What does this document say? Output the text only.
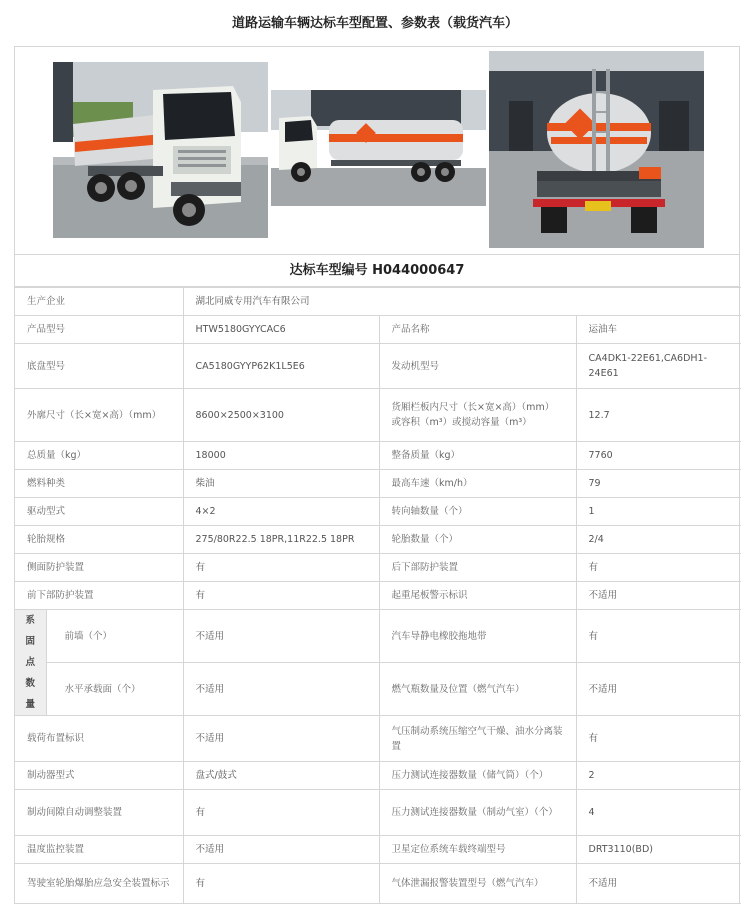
道路运输车辆达标车型配置、参数表（载货汽车）
达标车型编号 H044000647
生产企业		湖北同威专用汽车有限公司		
产品型号		HTW5180GYYCAC6	产品名称	运油车
底盘型号		CA5180GYYP62K1L5E6	发动机型号	CA4DK1-22E61,CA6DH1-24E61
外廓尺寸（长×宽×高）（mm）		8600×2500×3100	货厢栏板内尺寸（长×宽×高）（mm）或容积（m³）或搅动容量（m³）	12.7
总质量（kg）		18000	整备质量（kg）	7760
燃料种类		柴油	最高车速（km/h）	79
驱动型式		4×2	转向轴数量（个）	1
轮胎规格		275/80R22.5 18PR,11R22.5 18PR	轮胎数量（个）	2/4
侧面防护装置		有	后下部防护装置	有
前下部防护装置		有	起重尾板警示标识	不适用

系
固
点
数
量	前墙（个）	不适用	汽车导静电橡胶拖地带	有
	水平承载面（个）	不适用	燃气瓶数量及位置（燃气汽车）	不适用
载荷布置标识		不适用	气压制动系统压缩空气干燥、油水分离装置	有
制动器型式		盘式/鼓式	压力测试连接器数量（储气筒）（个）	2
制动间隙自动调整装置		有	压力测试连接器数量（制动气室）（个）	4
温度监控装置		不适用	卫星定位系统车载终端型号	DRT3110(BD)
驾驶室轮胎爆胎应急安全装置标示		有	气体泄漏报警装置型号（燃气汽车）	不适用
